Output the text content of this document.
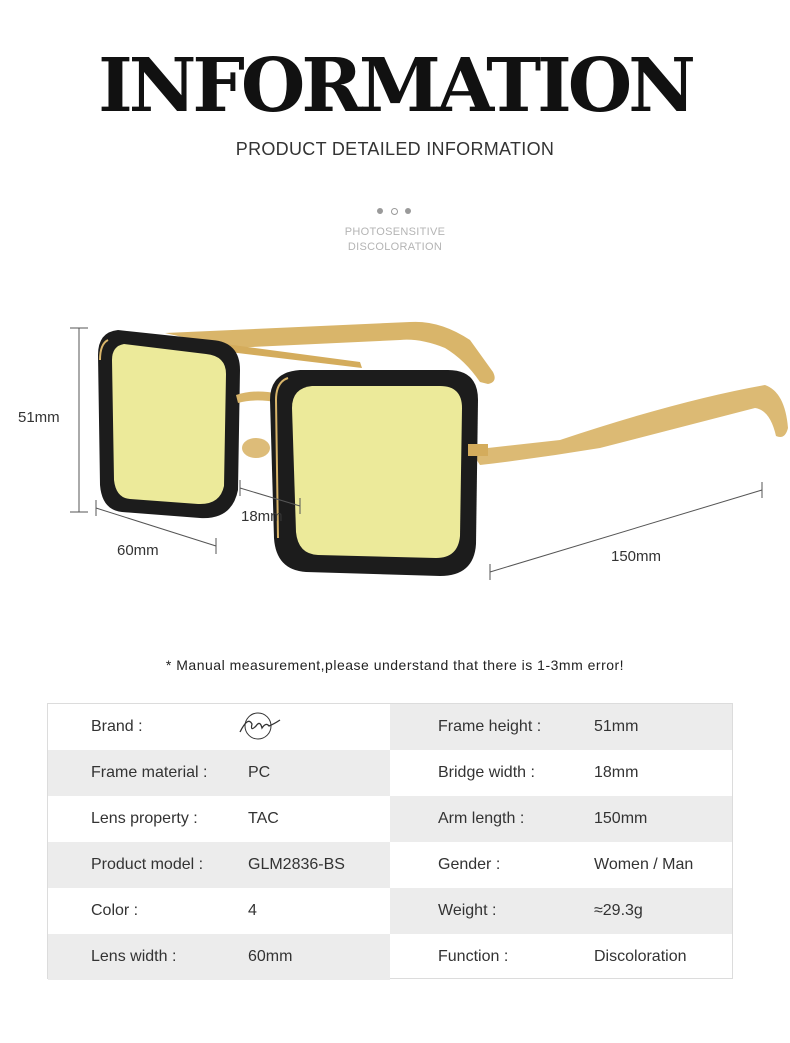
INFORMATION
PRODUCT DETAILED INFORMATION
PHOTOSENSITIVE
DISCOLORATION
51mm
18mm
60mm	150mm
* Manual measurement,please understand that there is 1-3mm error!
Brand :	Frame height :	51mm
Frame material :	PC	Bridge width :	18mm
Lens property :	TAC	Arm length :	150mm
Product model :	GLM2836-BS	Gender :	Women / Man
Color :	4	Weight :	≈29.3g
Lens width :	60mm	Function :	Discoloration
